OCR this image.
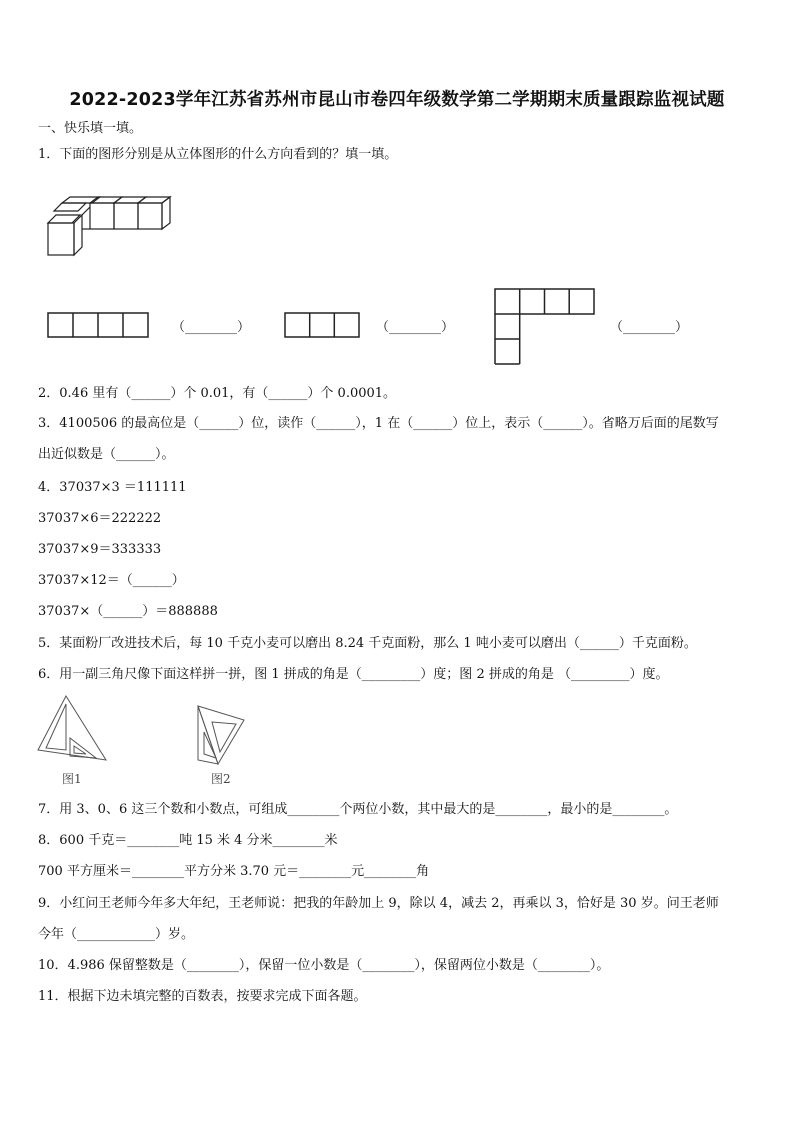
2022-2023学年江苏省苏州市昆山市卷四年级数学第二学期期末质量跟踪监视试题
一、快乐填一填。
1．下面的图形分别是从立体图形的什么方向看到的？填一填。
（________）	（________）	（________）
2．0.46 里有（______）个 0.01，有（______）个 0.0001。
3．4100506 的最高位是（______）位，读作（______），1 在（______）位上，表示（______）。省略万后面的尾数写
出近似数是（______）。
4．37037×3 ＝111111
37037×6＝222222
37037×9＝333333
37037×12＝（______）
37037×（______）＝888888
5．某面粉厂改进技术后，每 10 千克小麦可以磨出 8.24 千克面粉，那么 1 吨小麦可以磨出（______）千克面粉。
6．用一副三角尺像下面这样拼一拼，图 1 拼成的角是（_________）度；图 2 拼成的角是 （_________）度。
图1	图2
7．用 3、0、6 这三个数和小数点，可组成________个两位小数，其中最大的是________，最小的是________。
8．600 千克＝________吨 15 米 4 分米________米
700 平方厘米＝________平方分米 3.70 元＝________元________角
9．小红问王老师今年多大年纪，王老师说：把我的年龄加上 9，除以 4，减去 2，再乘以 3，恰好是 30 岁。问王老师
今年（____________）岁。
10．4.986 保留整数是（________），保留一位小数是（________），保留两位小数是（________）。
11．根据下边未填完整的百数表，按要求完成下面各题。
